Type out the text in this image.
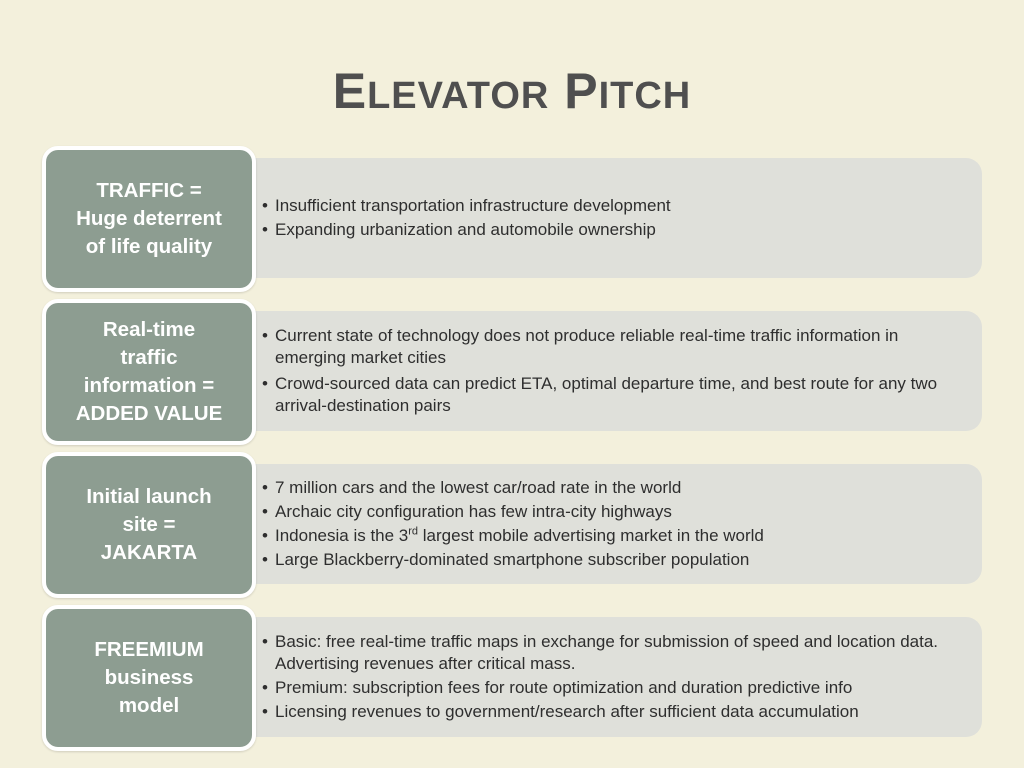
ELEVATOR PITCH
TRAFFIC = Huge deterrent of life quality
• Insufficient transportation infrastructure development
• Expanding urbanization and automobile ownership
Real-time traffic information = ADDED VALUE
• Current state of technology does not produce reliable real-time traffic information in emerging market cities
• Crowd-sourced data can predict ETA, optimal departure time, and best route for any two arrival-destination pairs
Initial launch site = JAKARTA
• 7 million cars and the lowest car/road rate in the world
• Archaic city configuration has few intra-city highways
• Indonesia is the 3rd largest mobile advertising market in the world
• Large Blackberry-dominated smartphone subscriber population
FREEMIUM business model
• Basic: free real-time traffic maps in exchange for submission of speed and location data. Advertising revenues after critical mass.
• Premium: subscription fees for route optimization and duration predictive info
• Licensing revenues to government/research after sufficient data accumulation
